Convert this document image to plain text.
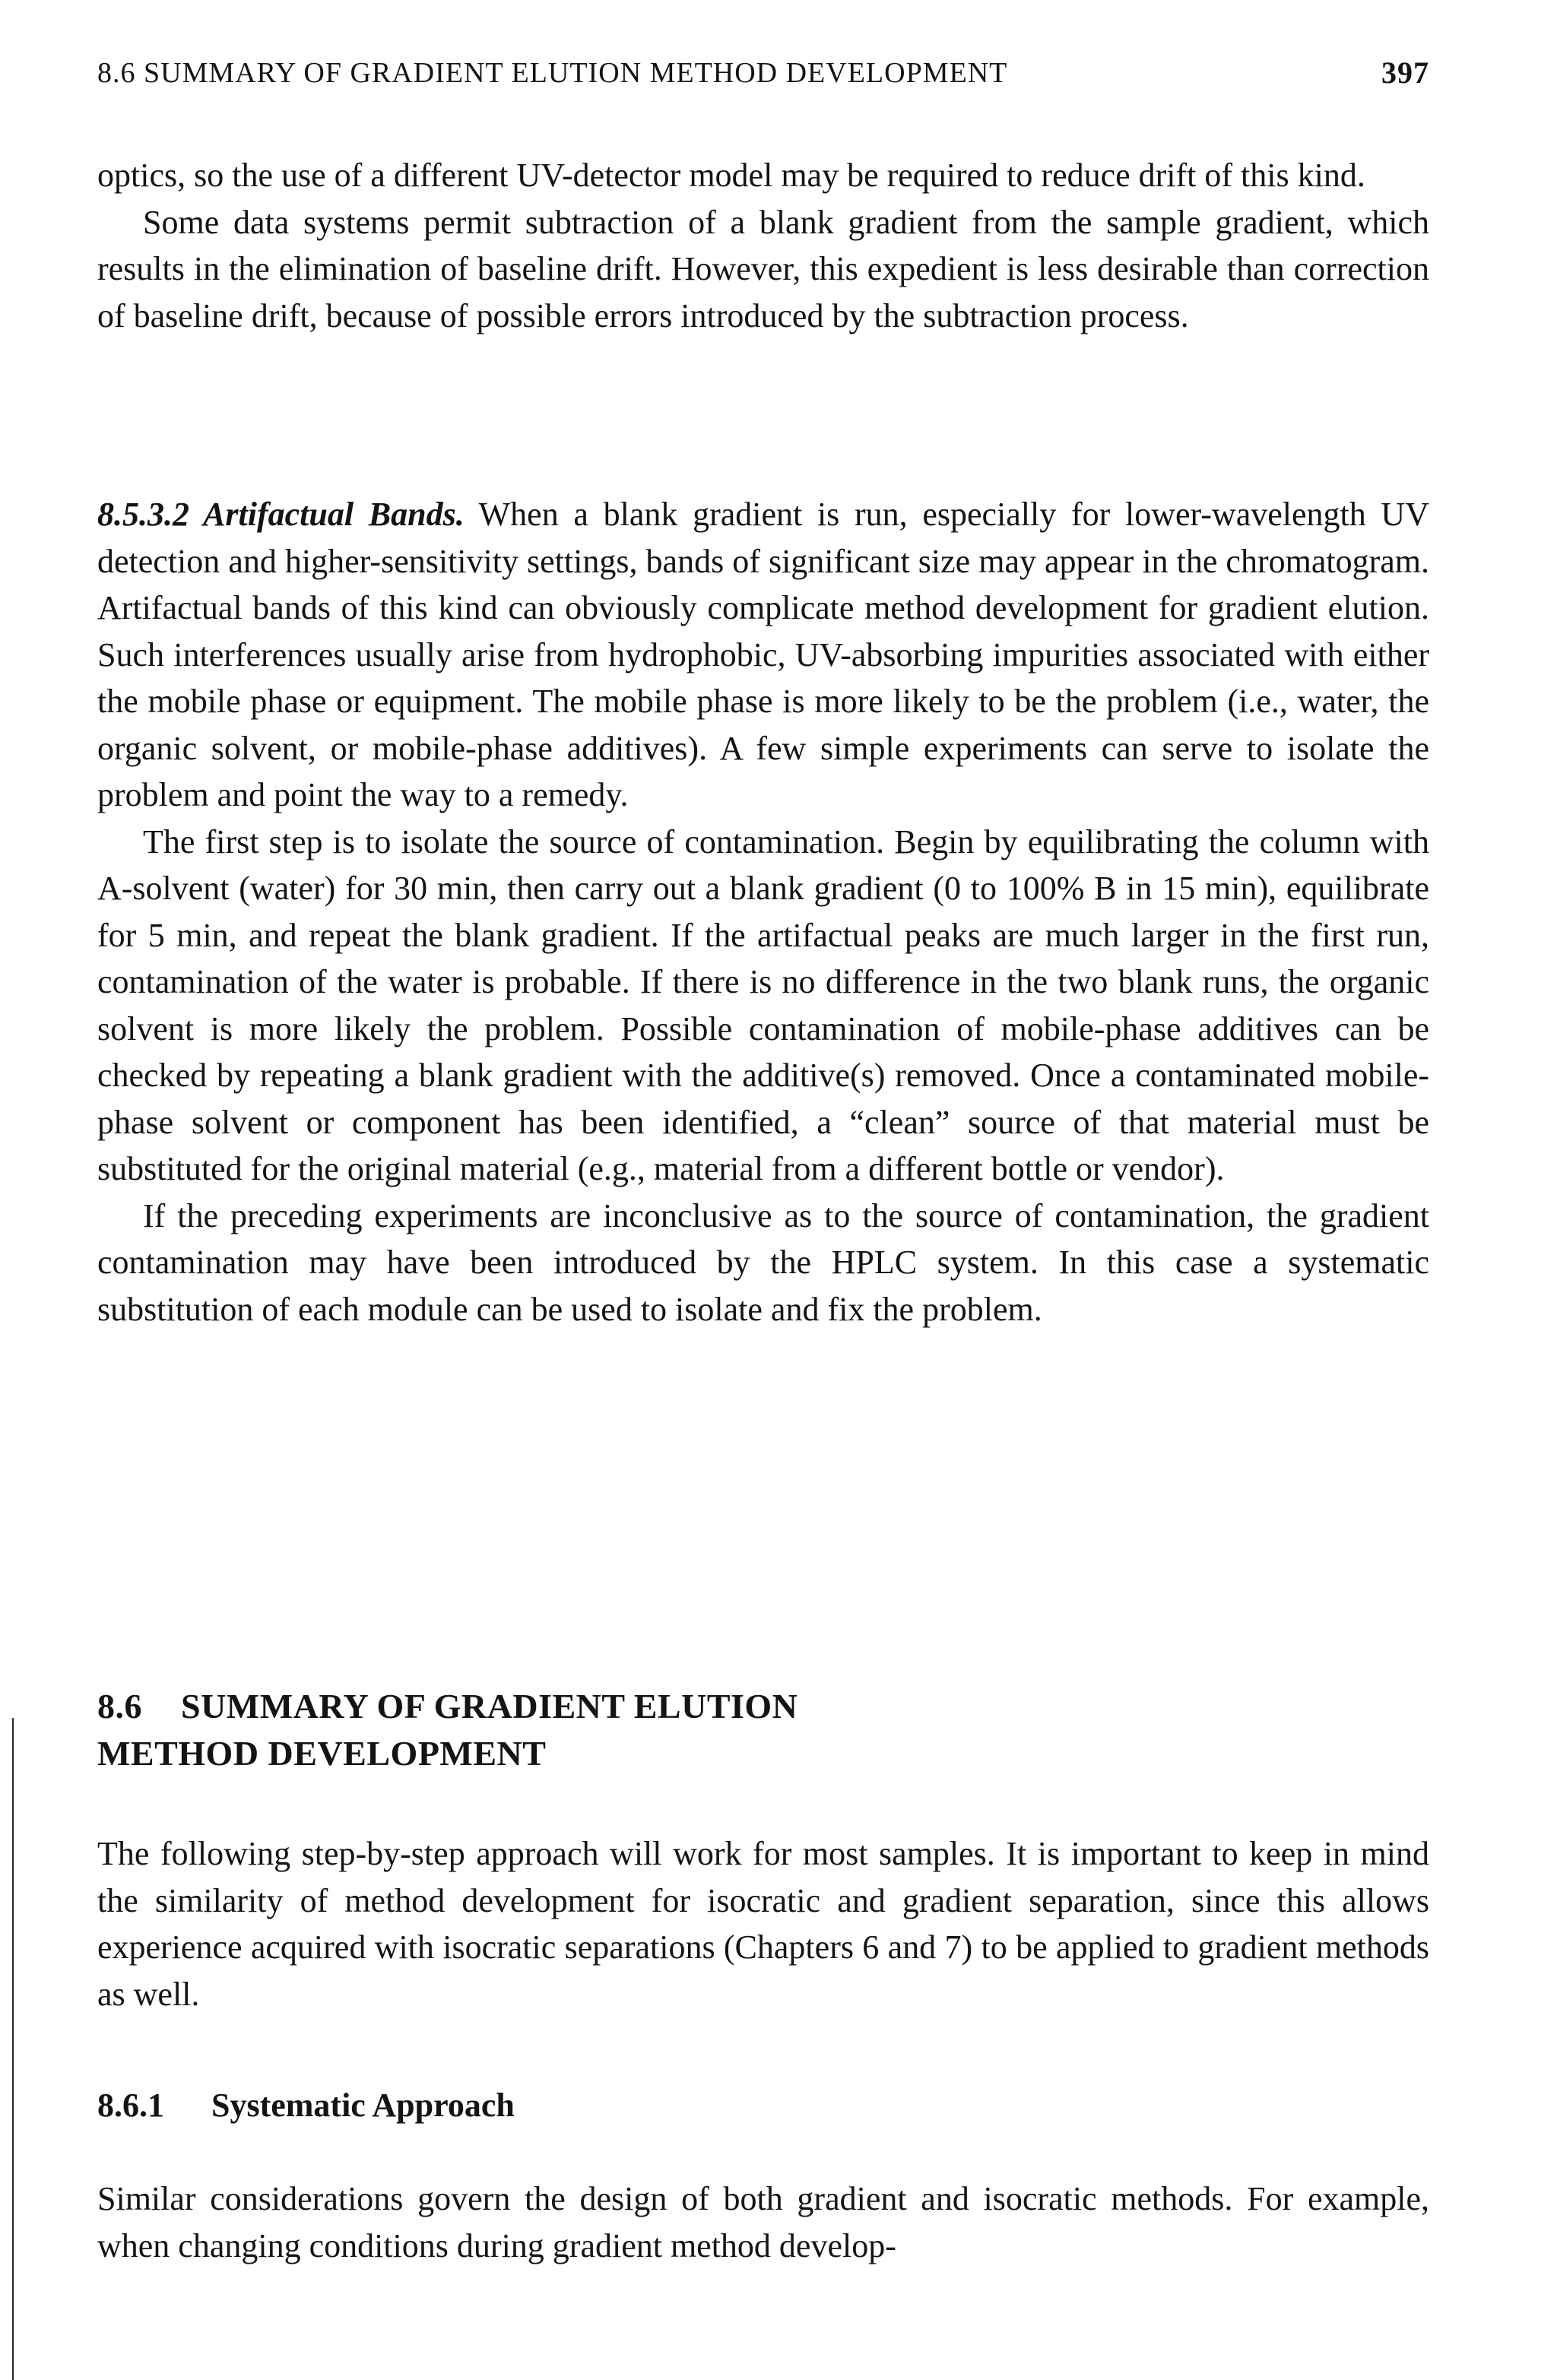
8.6 SUMMARY OF GRADIENT ELUTION METHOD DEVELOPMENT	397

optics, so the use of a different UV-detector model may be required to reduce drift of this kind.

Some data systems permit subtraction of a blank gradient from the sample gradient, which results in the elimination of baseline drift. However, this expedient is less desirable than correction of baseline drift, because of possible errors introduced by the subtraction process.

8.5.3.2 Artifactual Bands. When a blank gradient is run, especially for lower-wavelength UV detection and higher-sensitivity settings, bands of significant size may appear in the chromatogram. Artifactual bands of this kind can obviously complicate method development for gradient elution. Such interferences usually arise from hydrophobic, UV-absorbing impurities associated with either the mobile phase or equipment. The mobile phase is more likely to be the problem (i.e., water, the organic solvent, or mobile-phase additives). A few simple experiments can serve to isolate the problem and point the way to a remedy.

The first step is to isolate the source of contamination. Begin by equilibrating the column with A-solvent (water) for 30 min, then carry out a blank gradient (0 to 100% B in 15 min), equilibrate for 5 min, and repeat the blank gradient. If the artifactual peaks are much larger in the first run, contamination of the water is probable. If there is no difference in the two blank runs, the organic solvent is more likely the problem. Possible contamination of mobile-phase additives can be checked by repeating a blank gradient with the additive(s) removed. Once a contaminated mobile-phase solvent or component has been identified, a “clean” source of that material must be substituted for the original material (e.g., material from a different bottle or vendor).

If the preceding experiments are inconclusive as to the source of contamination, the gradient contamination may have been introduced by the HPLC system. In this case a systematic substitution of each module can be used to isolate and fix the problem.

8.6 SUMMARY OF GRADIENT ELUTION
METHOD DEVELOPMENT

The following step-by-step approach will work for most samples. It is important to keep in mind the similarity of method development for isocratic and gradient separation, since this allows experience acquired with isocratic separations (Chapters 6 and 7) to be applied to gradient methods as well.

8.6.1 Systematic Approach

Similar considerations govern the design of both gradient and isocratic methods. For example, when changing conditions during gradient method develop-
